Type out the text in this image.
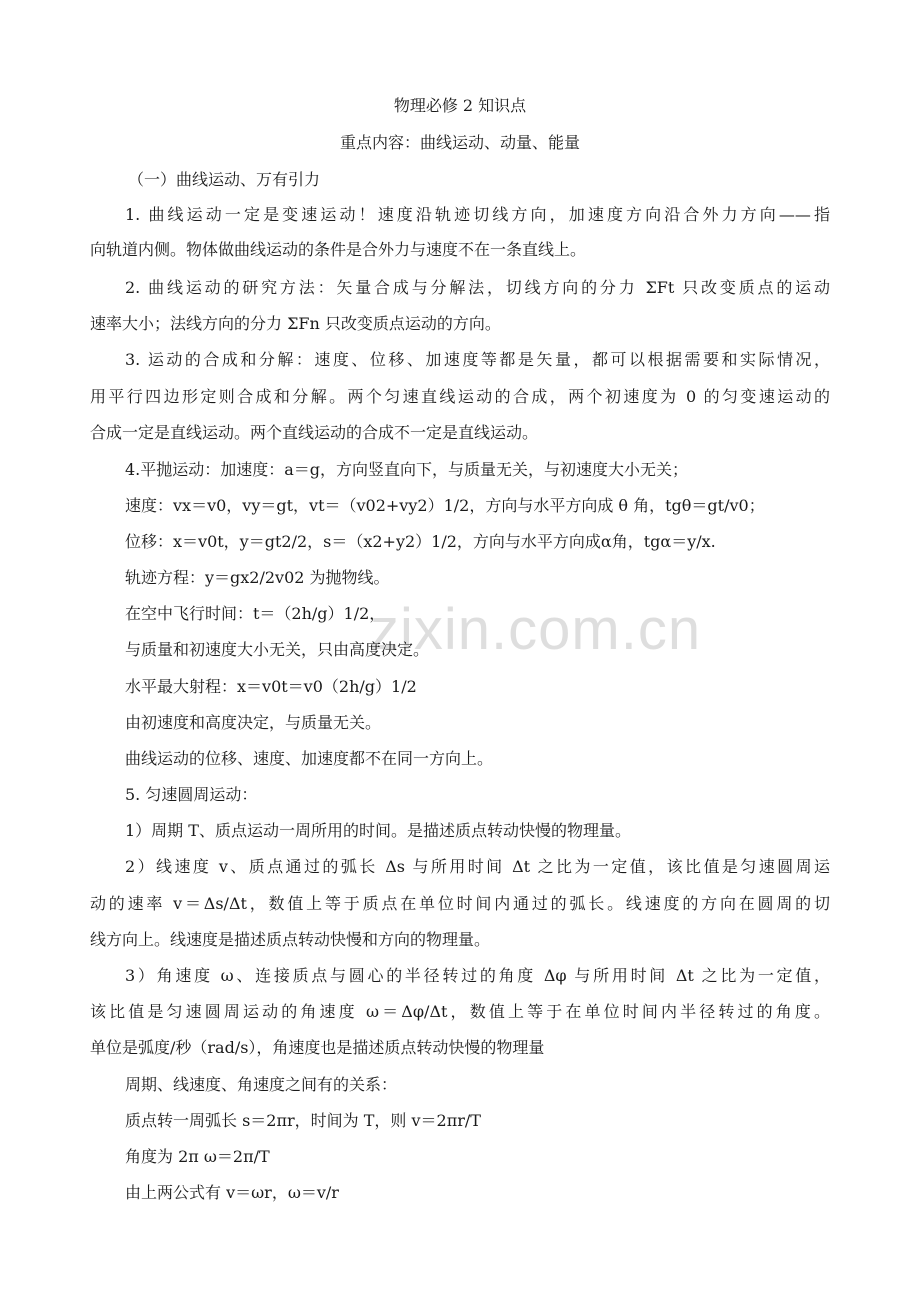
zixin.com.cn
物理必修 2 知识点
重点内容：曲线运动、动量、能量
（一）曲线运动、万有引力
1. 曲线运动一定是变速运动！速度沿轨迹切线方向，加速度方向沿合外力方向——指
向轨道内侧。物体做曲线运动的条件是合外力与速度不在一条直线上。
2. 曲线运动的研究方法：矢量合成与分解法，切线方向的分力 ΣFt 只改变质点的运动
速率大小；法线方向的分力 ΣFn 只改变质点运动的方向。
3. 运动的合成和分解：速度、位移、加速度等都是矢量，都可以根据需要和实际情况，
用平行四边形定则合成和分解。两个匀速直线运动的合成，两个初速度为 0 的匀变速运动的
合成一定是直线运动。两个直线运动的合成不一定是直线运动。
4.平抛运动：加速度：a＝g，方向竖直向下，与质量无关，与初速度大小无关；
速度：vx＝v0，vy＝gt，vt＝（v02+vy2）1/2，方向与水平方向成 θ 角，tgθ＝gt/v0；
位移：x＝v0t，y＝gt2/2，s＝（x2+y2）1/2，方向与水平方向成α角，tgα＝y/x.
轨迹方程：y＝gx2/2v02 为抛物线。
在空中飞行时间：t＝（2h/g）1/2，
与质量和初速度大小无关，只由高度决定。
水平最大射程：x＝v0t＝v0（2h/g）1/2
由初速度和高度决定，与质量无关。
曲线运动的位移、速度、加速度都不在同一方向上。
5. 匀速圆周运动：
1）周期 T、质点运动一周所用的时间。是描述质点转动快慢的物理量。
2）线速度 v、质点通过的弧长 Δs 与所用时间 Δt 之比为一定值，该比值是匀速圆周运
动的速率 v＝Δs/Δt，数值上等于质点在单位时间内通过的弧长。线速度的方向在圆周的切
线方向上。线速度是描述质点转动快慢和方向的物理量。
3）角速度 ω、连接质点与圆心的半径转过的角度 Δφ 与所用时间 Δt 之比为一定值，
该比值是匀速圆周运动的角速度 ω＝Δφ/Δt，数值上等于在单位时间内半径转过的角度。
单位是弧度/秒（rad/s），角速度也是描述质点转动快慢的物理量
周期、线速度、角速度之间有的关系：
质点转一周弧长 s＝2πr，时间为 T，则 v＝2πr/T
角度为 2π ω＝2π/T
由上两公式有 v＝ωr，ω＝v/r
